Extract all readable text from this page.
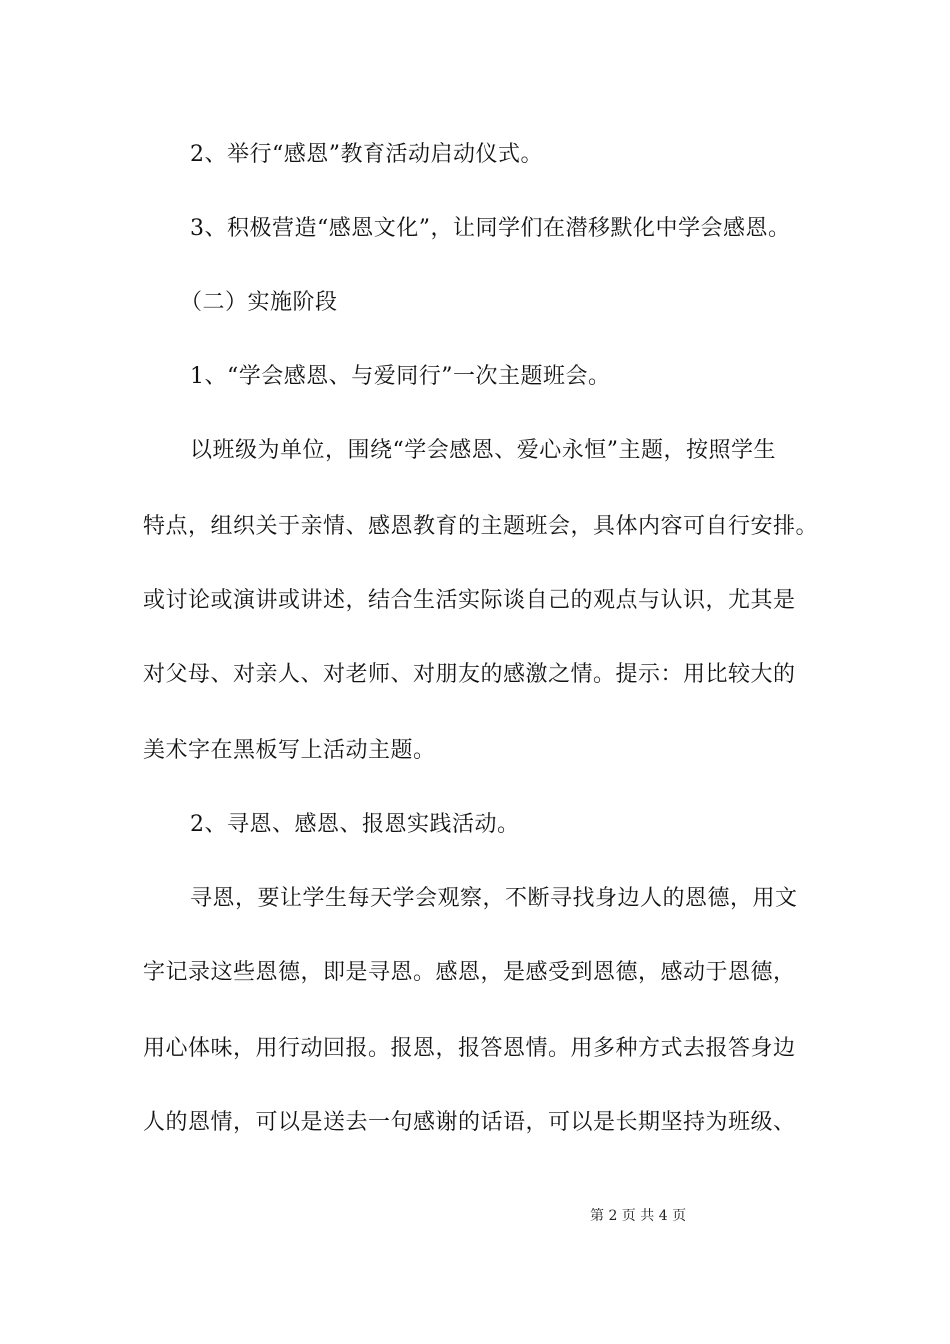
2、举行“感恩”教育活动启动仪式。
3、积极营造“感恩文化”，让同学们在潜移默化中学会感恩。
（二）实施阶段
1、“学会感恩、与爱同行”一次主题班会。
以班级为单位，围绕“学会感恩、爱心永恒”主题，按照学生
特点，组织关于亲情、感恩教育的主题班会，具体内容可自行安排。
或讨论或演讲或讲述，结合生活实际谈自己的观点与认识，尤其是
对父母、对亲人、对老师、对朋友的感激之情。提示：用比较大的
美术字在黑板写上活动主题。
2、寻恩、感恩、报恩实践活动。
寻恩，要让学生每天学会观察，不断寻找身边人的恩德，用文
字记录这些恩德，即是寻恩。感恩，是感受到恩德，感动于恩德，
用心体味，用行动回报。报恩，报答恩情。用多种方式去报答身边
人的恩情，可以是送去一句感谢的话语，可以是长期坚持为班级、
第 2 页 共 4 页
